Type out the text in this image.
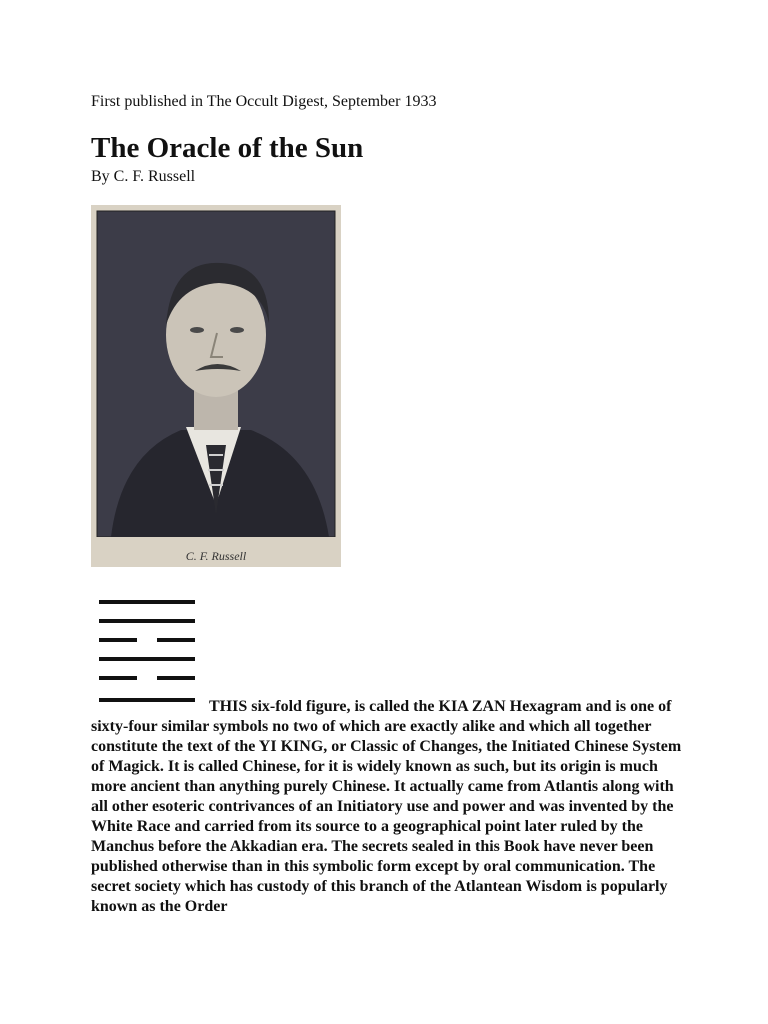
First published in The Occult Digest, September 1933
The Oracle of the Sun
By C. F. Russell
C. F. Russell
THIS six-fold figure, is called the KIA ZAN Hexagram and is one of sixty-four similar symbols no two of which are exactly alike and which all together constitute the text of the YI KING, or Classic of Changes, the Initiated Chinese System of Magick. It is called Chinese, for it is widely known as such, but its origin is much more ancient than anything purely Chinese. It actually came from Atlantis along with all other esoteric contrivances of an Initiatory use and power and was invented by the White Race and carried from its source to a geographical point later ruled by the Manchus before the Akkadian era. The secrets sealed in this Book have never been published otherwise than in this symbolic form except by oral communication. The secret society which has custody of this branch of the Atlantean Wisdom is popularly known as the Order
